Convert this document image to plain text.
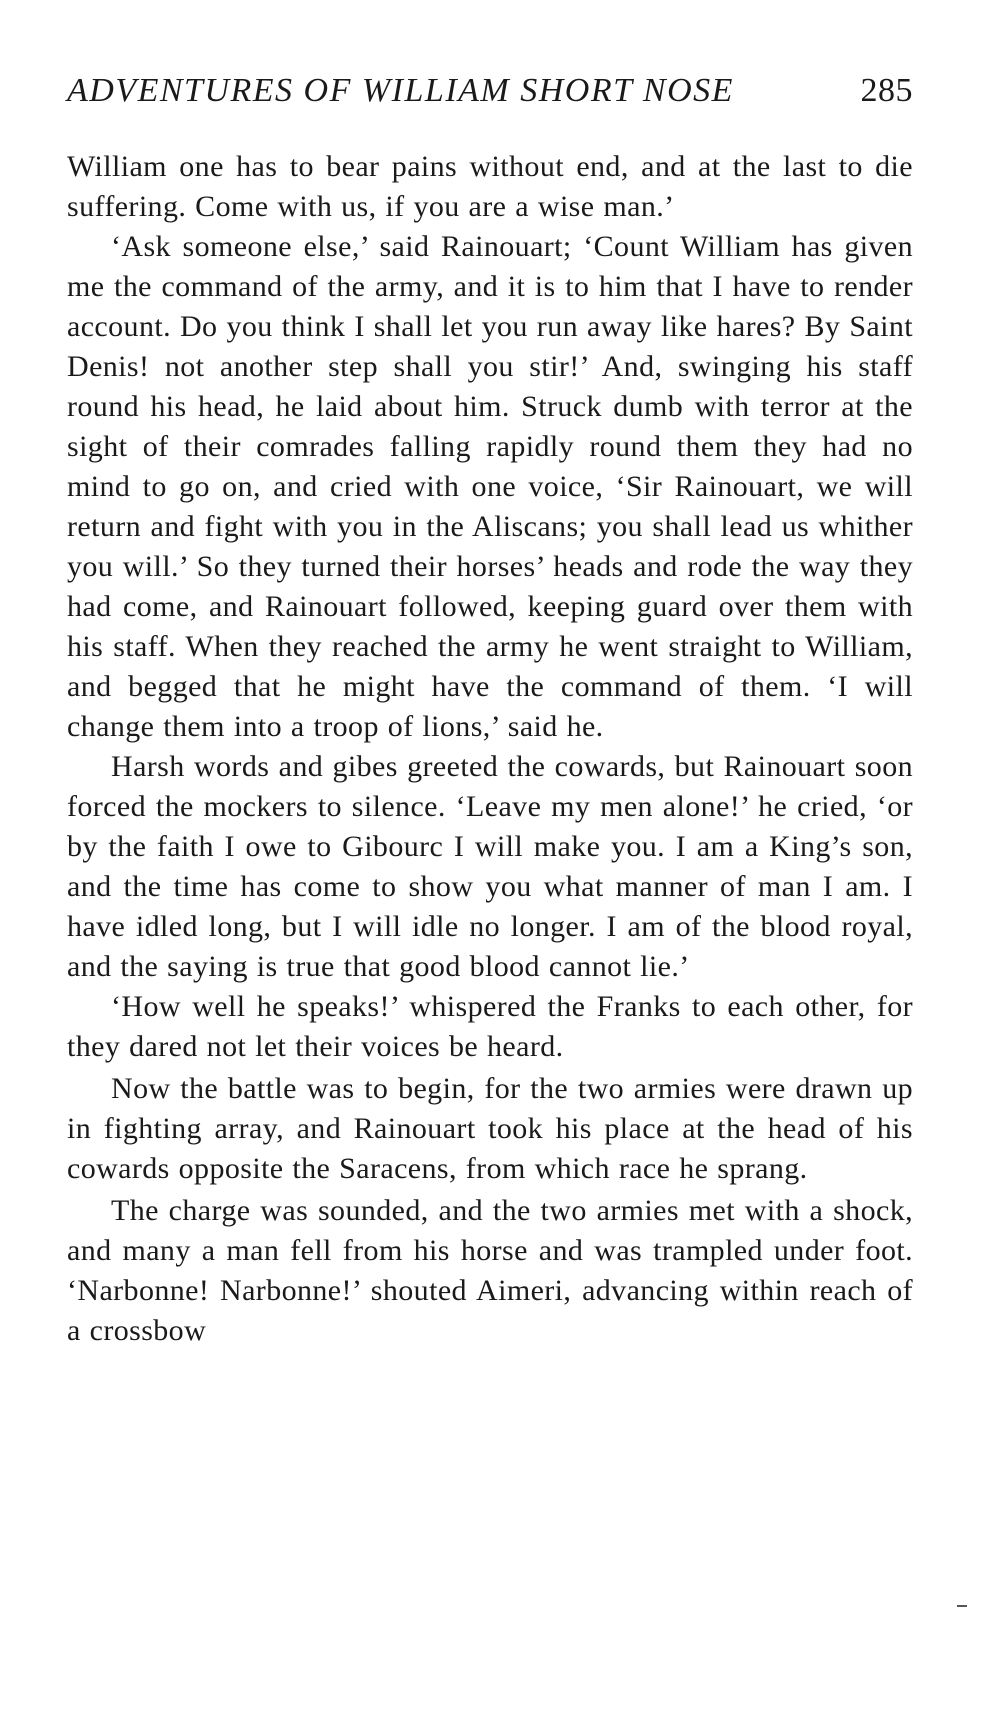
ADVENTURES OF WILLIAM SHORT NOSE	285

William one has to bear pains without end, and at the last to die suffering. Come with us, if you are a wise man.’

‘Ask someone else,’ said Rainouart; ‘Count William has given me the command of the army, and it is to him that I have to render account. Do you think I shall let you run away like hares? By Saint Denis! not another step shall you stir!’ And, swinging his staff round his head, he laid about him. Struck dumb with terror at the sight of their comrades falling rapidly round them they had no mind to go on, and cried with one voice, ‘Sir Rainouart, we will return and fight with you in the Aliscans; you shall lead us whither you will.’ So they turned their horses’ heads and rode the way they had come, and Rainouart followed, keeping guard over them with his staff. When they reached the army he went straight to William, and begged that he might have the command of them. ‘I will change them into a troop of lions,’ said he.

Harsh words and gibes greeted the cowards, but Rainouart soon forced the mockers to silence. ‘Leave my men alone!’ he cried, ‘or by the faith I owe to Gibourc I will make you. I am a King’s son, and the time has come to show you what manner of man I am. I have idled long, but I will idle no longer. I am of the blood royal, and the saying is true that good blood cannot lie.’

‘How well he speaks!’ whispered the Franks to each other, for they dared not let their voices be heard.

Now the battle was to begin, for the two armies were drawn up in fighting array, and Rainouart took his place at the head of his cowards opposite the Saracens, from which race he sprang.

The charge was sounded, and the two armies met with a shock, and many a man fell from his horse and was trampled under foot. ‘Narbonne! Narbonne!’ shouted Aimeri, advancing within reach of a crossbow
